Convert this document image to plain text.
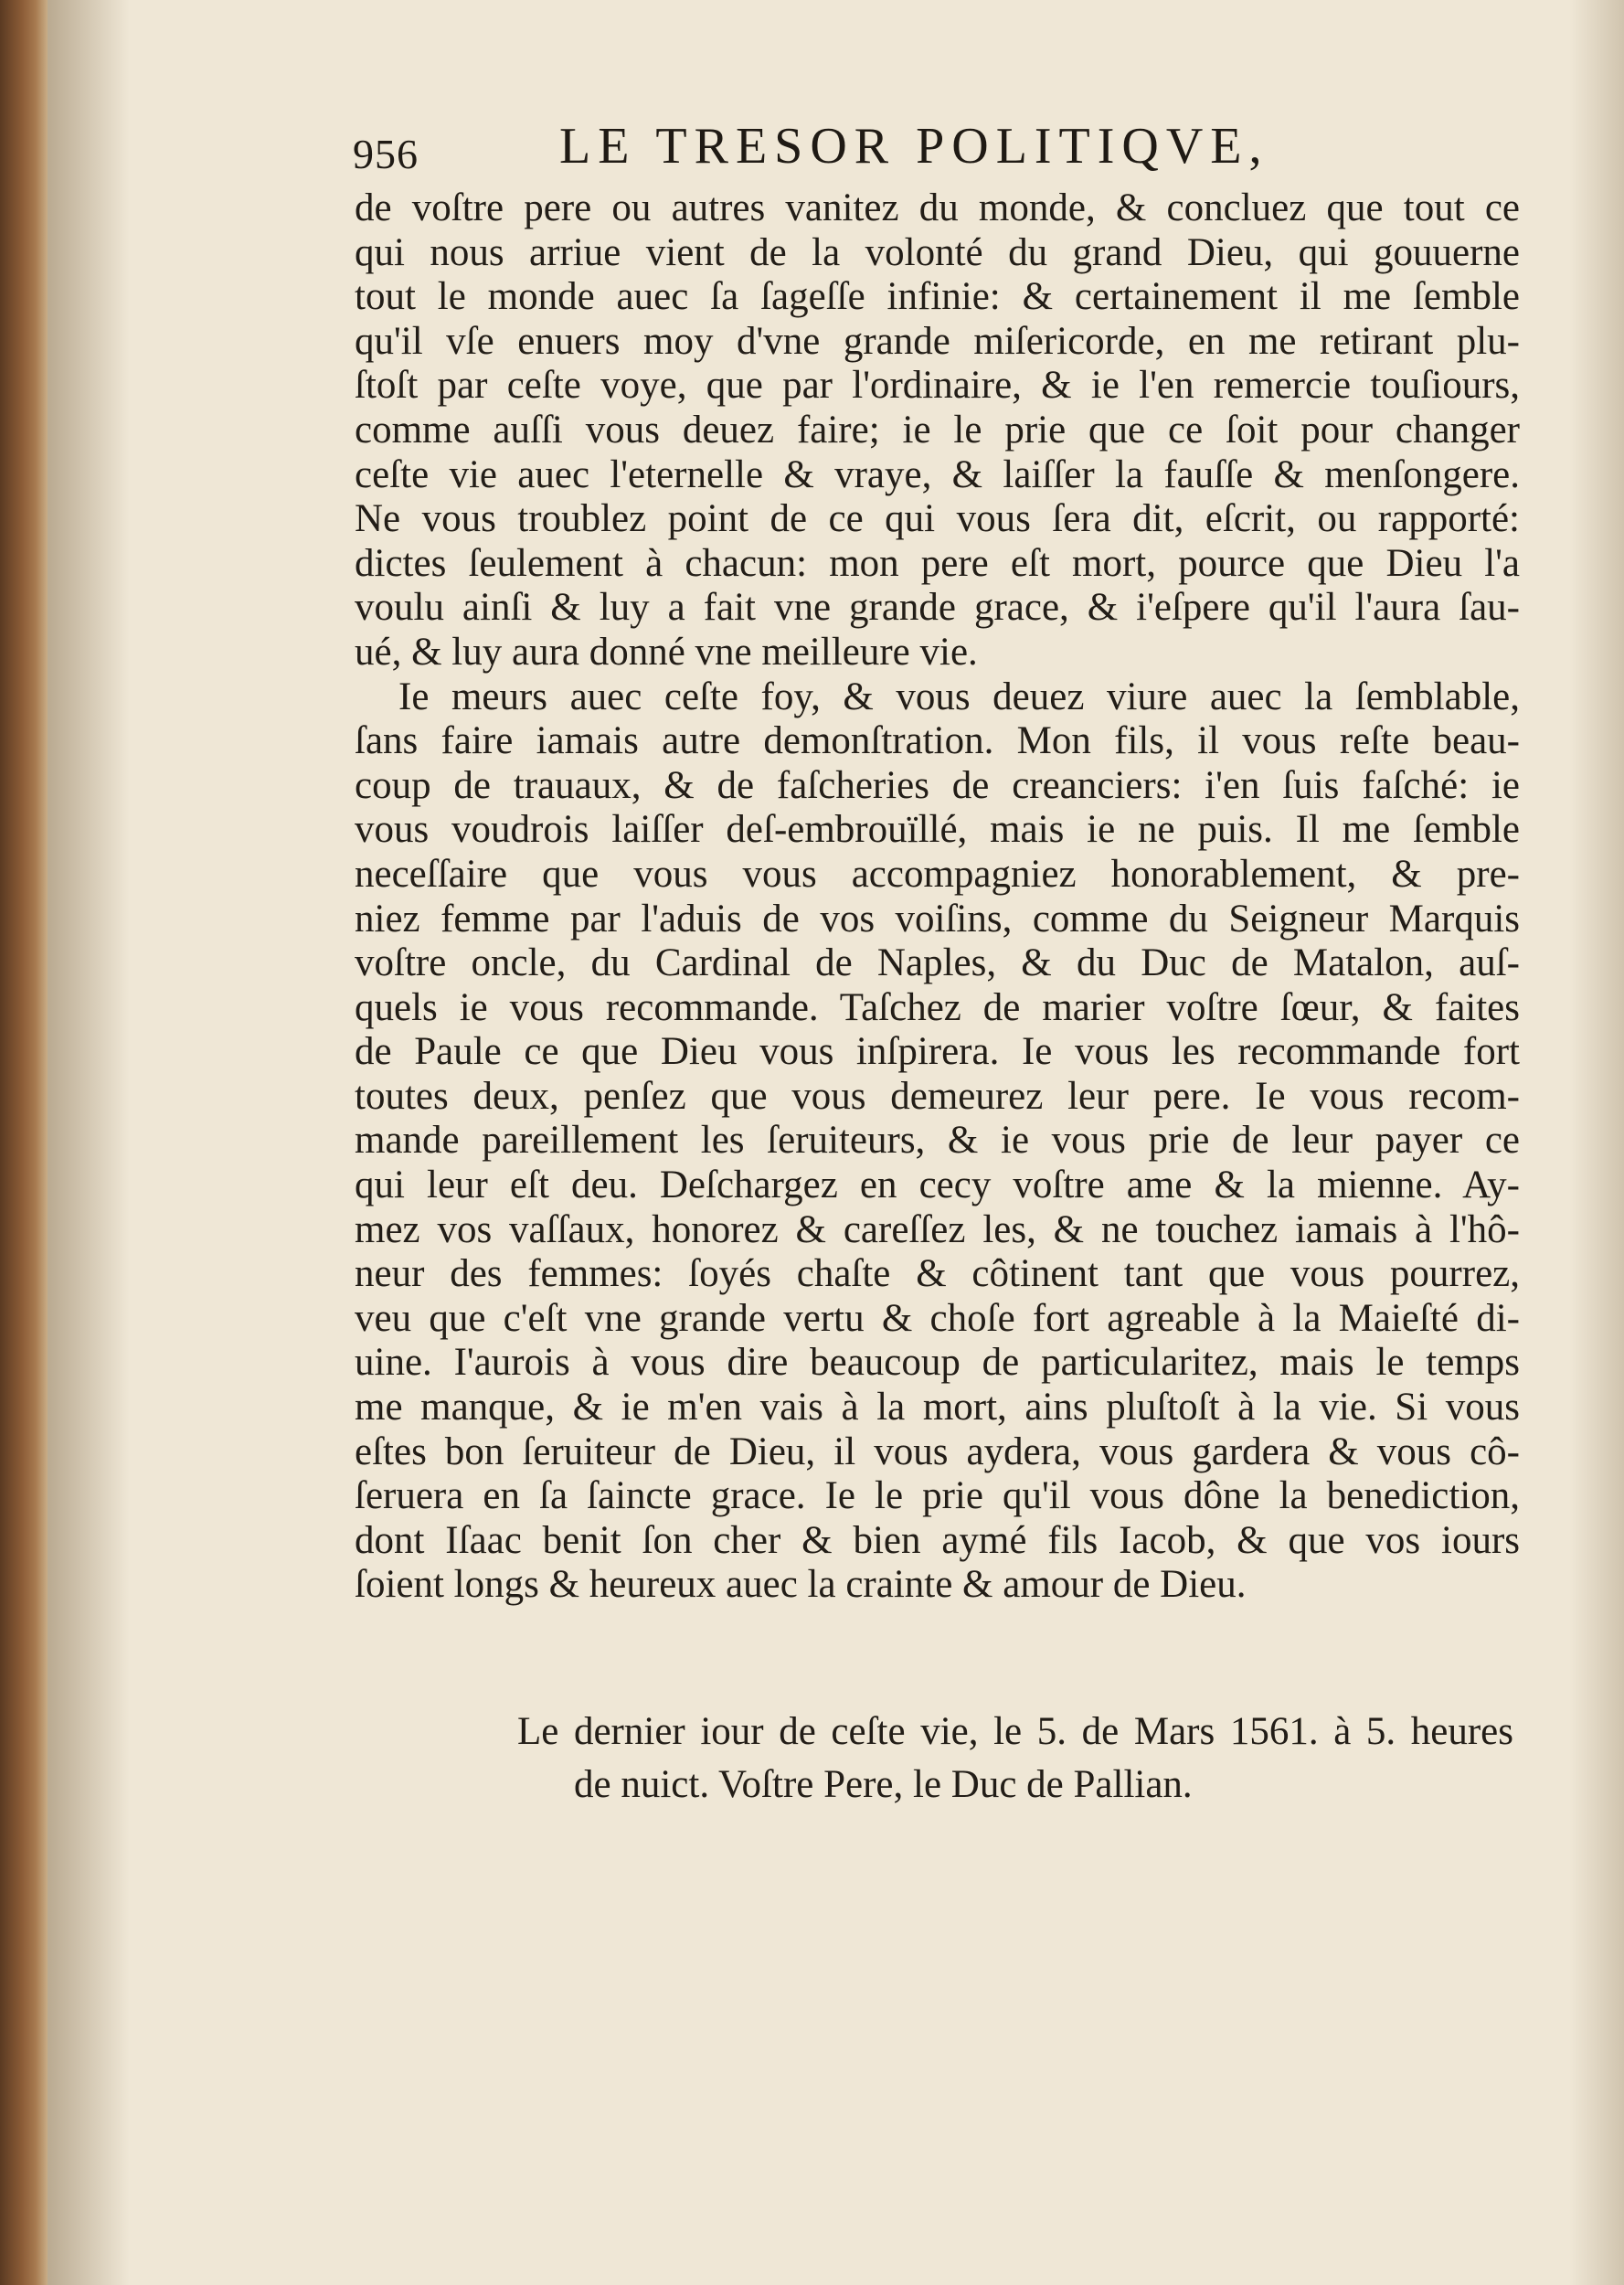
956	LE TRESOR POLITIQVE,
de voſtre pere ou autres vanitez du monde, & concluez que tout ce
qui nous arriue vient de la volonté du grand Dieu, qui gouuerne
tout le monde auec ſa ſageſſe infinie: & certainement il me ſemble
qu'il vſe enuers moy d'vne grande miſericorde, en me retirant plu-
ſtoſt par ceſte voye, que par l'ordinaire, & ie l'en remercie touſiours,
comme auſſi vous deuez faire; ie le prie que ce ſoit pour changer
ceſte vie auec l'eternelle & vraye, & laiſſer la fauſſe & menſongere.
Ne vous troublez point de ce qui vous ſera dit, eſcrit, ou rapporté:
dictes ſeulement à chacun: mon pere eſt mort, pource que Dieu l'a
voulu ainſi & luy a fait vne grande grace, & i'eſpere qu'il l'aura ſau-
ué, & luy aura donné vne meilleure vie.
Ie meurs auec ceſte foy, & vous deuez viure auec la ſemblable,
ſans faire iamais autre demonſtration. Mon fils, il vous reſte beau-
coup de trauaux, & de faſcheries de creanciers: i'en ſuis faſché: ie
vous voudrois laiſſer deſ-embrouïllé, mais ie ne puis. Il me ſemble
neceſſaire que vous vous accompagniez honorablement, & pre-
niez femme par l'aduis de vos voiſins, comme du Seigneur Marquis
voſtre oncle, du Cardinal de Naples, & du Duc de Matalon, auſ-
quels ie vous recommande. Taſchez de marier voſtre ſœur, & faites
de Paule ce que Dieu vous inſpirera. Ie vous les recommande fort
toutes deux, penſez que vous demeurez leur pere. Ie vous recom-
mande pareillement les ſeruiteurs, & ie vous prie de leur payer ce
qui leur eſt deu. Deſchargez en cecy voſtre ame & la mienne. Ay-
mez vos vaſſaux, honorez & careſſez les, & ne touchez iamais à l'hô-
neur des femmes: ſoyés chaſte & côtinent tant que vous pourrez,
veu que c'eſt vne grande vertu & choſe fort agreable à la Maieſté di-
uine. I'aurois à vous dire beaucoup de particularitez, mais le temps
me manque, & ie m'en vais à la mort, ains pluſtoſt à la vie. Si vous
eſtes bon ſeruiteur de Dieu, il vous aydera, vous gardera & vous cô-
ſeruera en ſa ſaincte grace. Ie le prie qu'il vous dône la benediction,
dont Iſaac benit ſon cher & bien aymé fils Iacob, & que vos iours
ſoient longs & heureux auec la crainte & amour de Dieu.
Le dernier iour de ceſte vie, le 5. de Mars 1561. à 5. heures
de nuict. Voſtre Pere, le Duc de Pallian.
